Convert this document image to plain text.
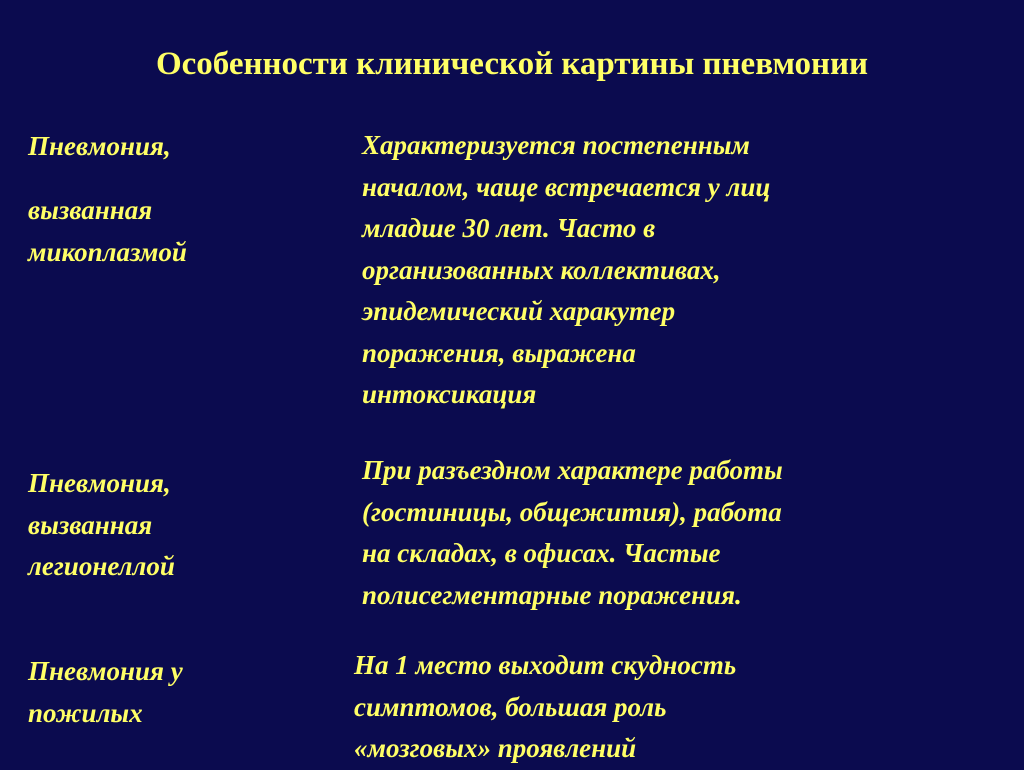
Особенности клинической картины пневмонии

Пневмония,

вызванная
микоплазмой

Характеризуется постепенным
началом, чаще встречается у лиц
младше 30 лет. Часто в
организованных коллективах,
эпидемический харакутер
поражения, выражена
интоксикация

Пневмония,
вызванная
легионеллой

При разъездном характере работы
(гостиницы, общежития), работа
на складах, в офисах. Частые
полисегментарные поражения.

Пневмония у
пожилых

На 1 место выходит скудность
симптомов, большая роль
«мозговых» проявлений
